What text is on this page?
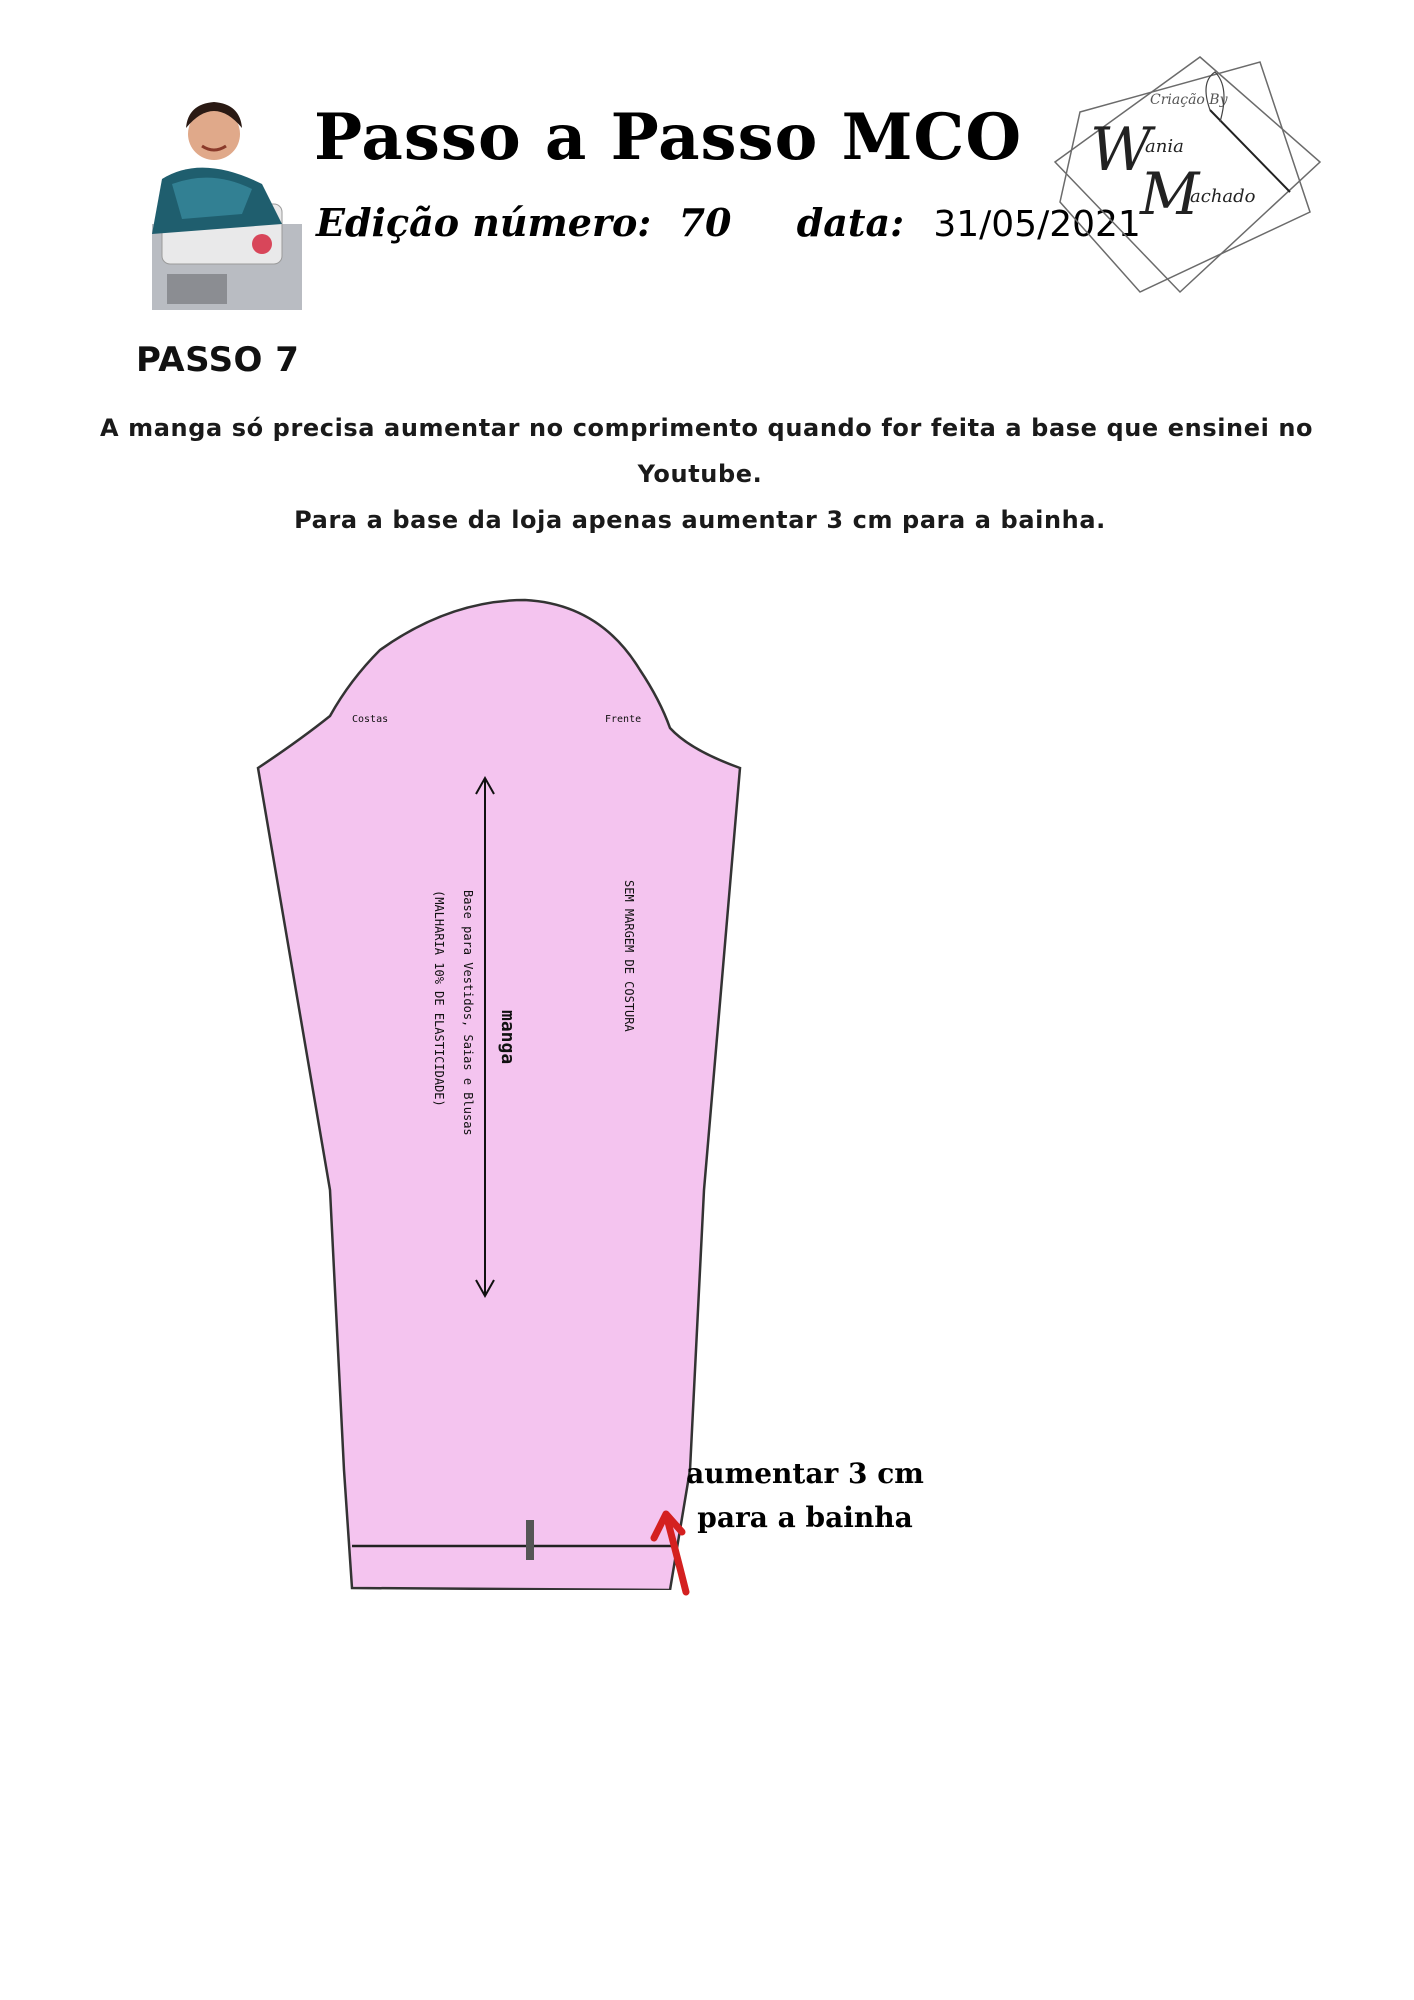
Passo a Passo MCO
Edição número: 70 data: 31/05/2021
Criação By
W
ania
M
achado
PASSO 7
A manga só precisa aumentar no comprimento quando for feita a base que ensinei no
Youtube.
Para a base da loja apenas aumentar 3 cm para a bainha.
Costas	Frente
manga
Base para Vestidos, Saias e Blusas
(MALHARIA 10% DE ELASTICIDADE)	SEM MARGEM DE COSTURA
aumentar 3 cm
para a bainha
